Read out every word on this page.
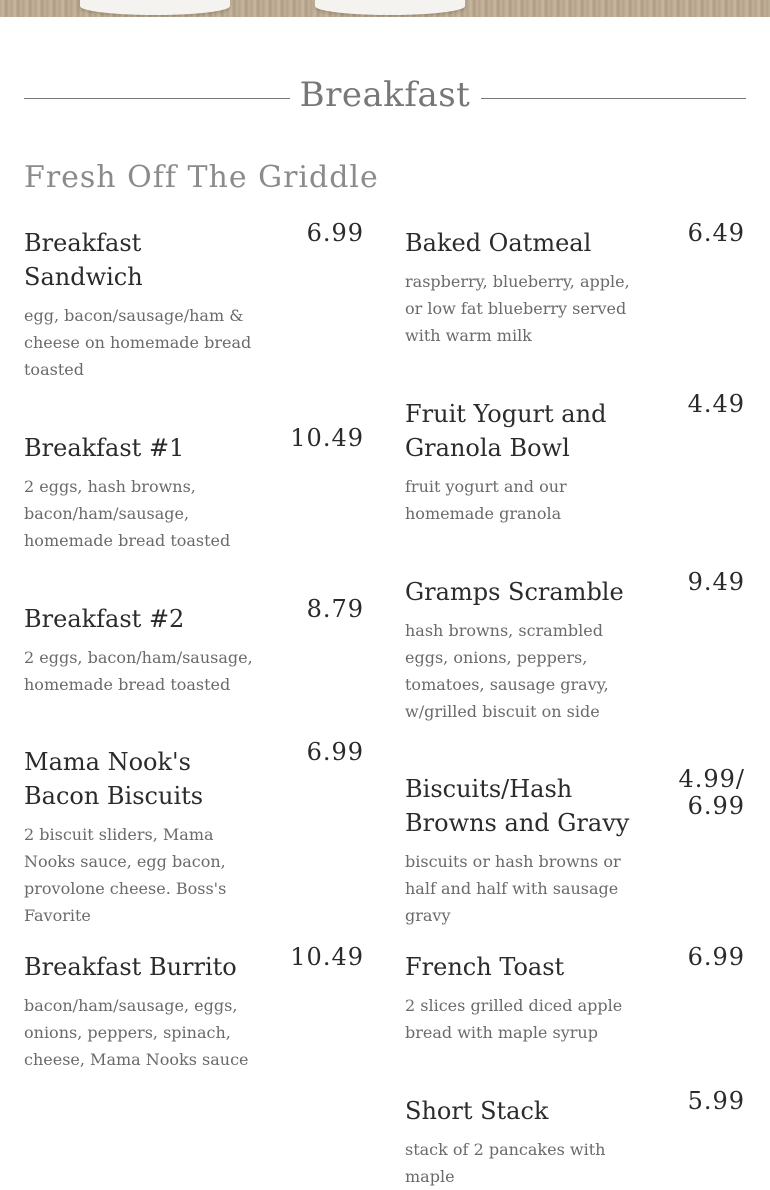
Breakfast
Fresh Off The Griddle
Breakfast Sandwich
6.99
egg, bacon/sausage/ham & cheese on homemade bread toasted
Breakfast #1	10.49
2 eggs, hash browns, bacon/ham/sausage, homemade bread toasted
Breakfast #2	8.79
2 eggs, bacon/ham/sausage, homemade bread toasted
Mama Nook's Bacon Biscuits
6.99
2 biscuit sliders, Mama Nooks sauce, egg bacon, provolone cheese. Boss's Favorite
Breakfast Burrito	10.49
bacon/ham/sausage, eggs, onions, peppers, spinach, cheese, Mama Nooks sauce
Baked Oatmeal	6.49
raspberry, blueberry, apple, or low fat blueberry served with warm milk
Fruit Yogurt and Granola Bowl
4.49
fruit yogurt and our homemade granola
Gramps Scramble	9.49
hash browns, scrambled eggs, onions, peppers, tomatoes, sausage gravy, w/grilled biscuit on side
Biscuits/Hash Browns and Gravy
4.99/6.99
biscuits or hash browns or half and half with sausage gravy
French Toast	6.99
2 slices grilled diced apple bread with maple syrup
Short Stack	5.99
stack of 2 pancakes with maple
